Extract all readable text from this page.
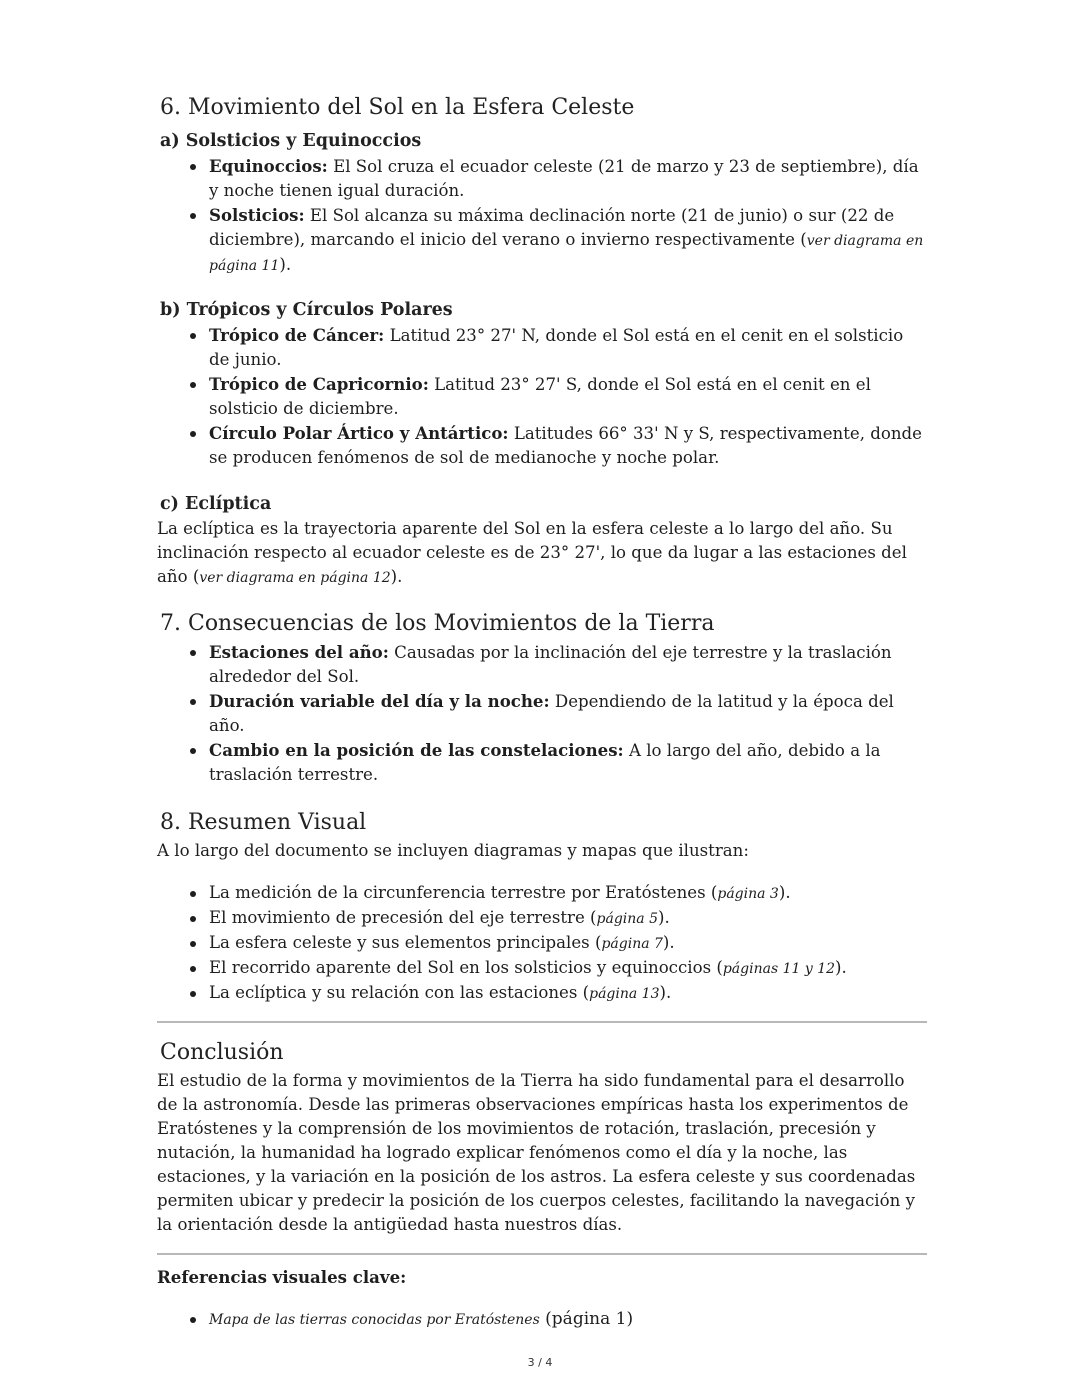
6. Movimiento del Sol en la Esfera Celeste
a) Solsticios y Equinoccios
Equinoccios: El Sol cruza el ecuador celeste (21 de marzo y 23 de septiembre), día y noche tienen igual duración.
Solsticios: El Sol alcanza su máxima declinación norte (21 de junio) o sur (22 de diciembre), marcando el inicio del verano o invierno respectivamente (ver diagrama en página 11).
b) Trópicos y Círculos Polares
Trópico de Cáncer: Latitud 23° 27' N, donde el Sol está en el cenit en el solsticio de junio.
Trópico de Capricornio: Latitud 23° 27' S, donde el Sol está en el cenit en el solsticio de diciembre.
Círculo Polar Ártico y Antártico: Latitudes 66° 33' N y S, respectivamente, donde se producen fenómenos de sol de medianoche y noche polar.
c) Eclíptica

La eclíptica es la trayectoria aparente del Sol en la esfera celeste a lo largo del año. Su inclinación respecto al ecuador celeste es de 23° 27', lo que da lugar a las estaciones del año (ver diagrama en página 12).

7. Consecuencias de los Movimientos de la Tierra
Estaciones del año: Causadas por la inclinación del eje terrestre y la traslación alrededor del Sol.
Duración variable del día y la noche: Dependiendo de la latitud y la época del año.
Cambio en la posición de las constelaciones: A lo largo del año, debido a la traslación terrestre.
8. Resumen Visual

A lo largo del documento se incluyen diagramas y mapas que ilustran:

La medición de la circunferencia terrestre por Eratóstenes (página 3).
El movimiento de precesión del eje terrestre (página 5).
La esfera celeste y sus elementos principales (página 7).
El recorrido aparente del Sol en los solsticios y equinoccios (páginas 11 y 12).
La eclíptica y su relación con las estaciones (página 13).
Conclusión

El estudio de la forma y movimientos de la Tierra ha sido fundamental para el desarrollo de la astronomía. Desde las primeras observaciones empíricas hasta los experimentos de Eratóstenes y la comprensión de los movimientos de rotación, traslación, precesión y nutación, la humanidad ha logrado explicar fenómenos como el día y la noche, las estaciones, y la variación en la posición de los astros. La esfera celeste y sus coordenadas permiten ubicar y predecir la posición de los cuerpos celestes, facilitando la navegación y la orientación desde la antigüedad hasta nuestros días.

Referencias visuales clave:

Mapa de las tierras conocidas por Eratóstenes (página 1)
3 / 4
